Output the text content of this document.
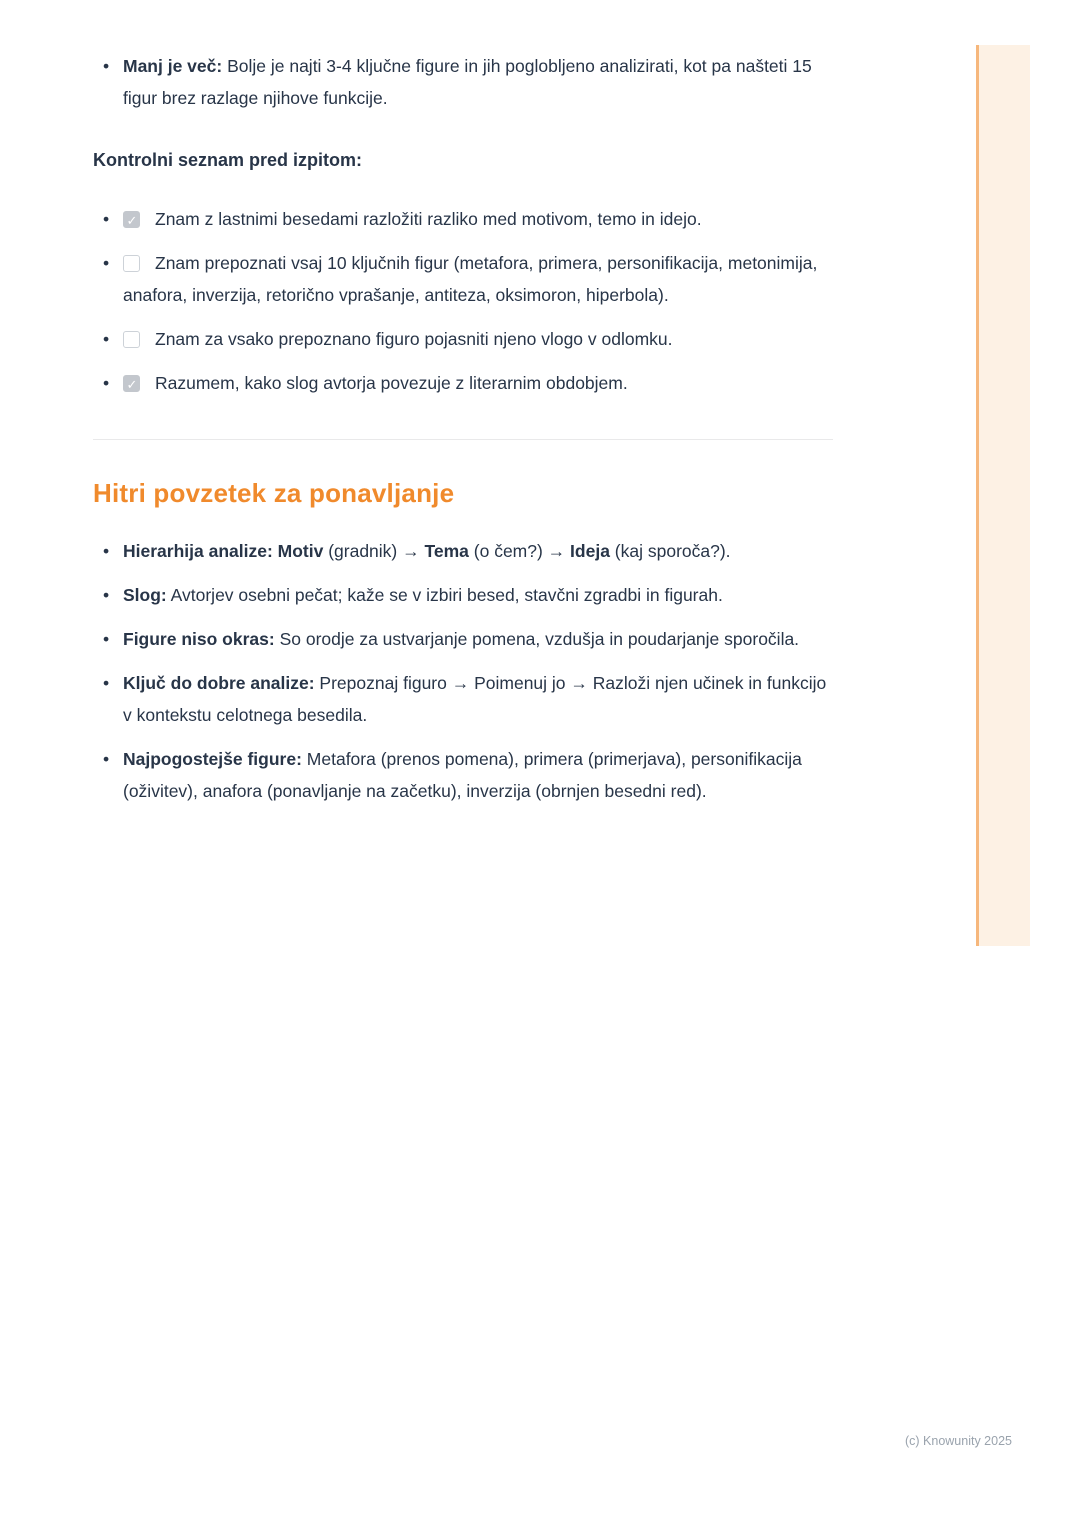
• Manj je več: Bolje je najti 3-4 ključne figure in jih poglobljeno analizirati, kot pa našteti 15 figur brez razlage njihove funkcije.
Kontrolni seznam pred izpitom:
✓• Znam z lastnimi besedami razložiti razliko med motivom, temo in idejo.
• Znam prepoznati vsaj 10 ključnih figur (metafora, primera, personifikacija, metonimija, anafora, inverzija, retorično vprašanje, antiteza, oksimoron, hiperbola).
• Znam za vsako prepoznano figuro pojasniti njeno vlogo v odlomku.
✓• Razumem, kako slog avtorja povezuje z literarnim obdobjem.
Hitri povzetek za ponavljanje
• Hierarhija analize: Motiv (gradnik) → Tema (o čem?) → Ideja (kaj sporoča?).
• Slog: Avtorjev osebni pečat; kaže se v izbiri besed, stavčni zgradbi in figurah.
• Figure niso okras: So orodje za ustvarjanje pomena, vzdušja in poudarjanje sporočila.
• Ključ do dobre analize: Prepoznaj figuro → Poimenuj jo → Razloži njen učinek in funkcijo v kontekstu celotnega besedila.
• Najpogostejše figure: Metafora (prenos pomena), primera (primerjava), personifikacija (oživitev), anafora (ponavljanje na začetku), inverzija (obrnjen besedni red).
(c) Knowunity 2025
